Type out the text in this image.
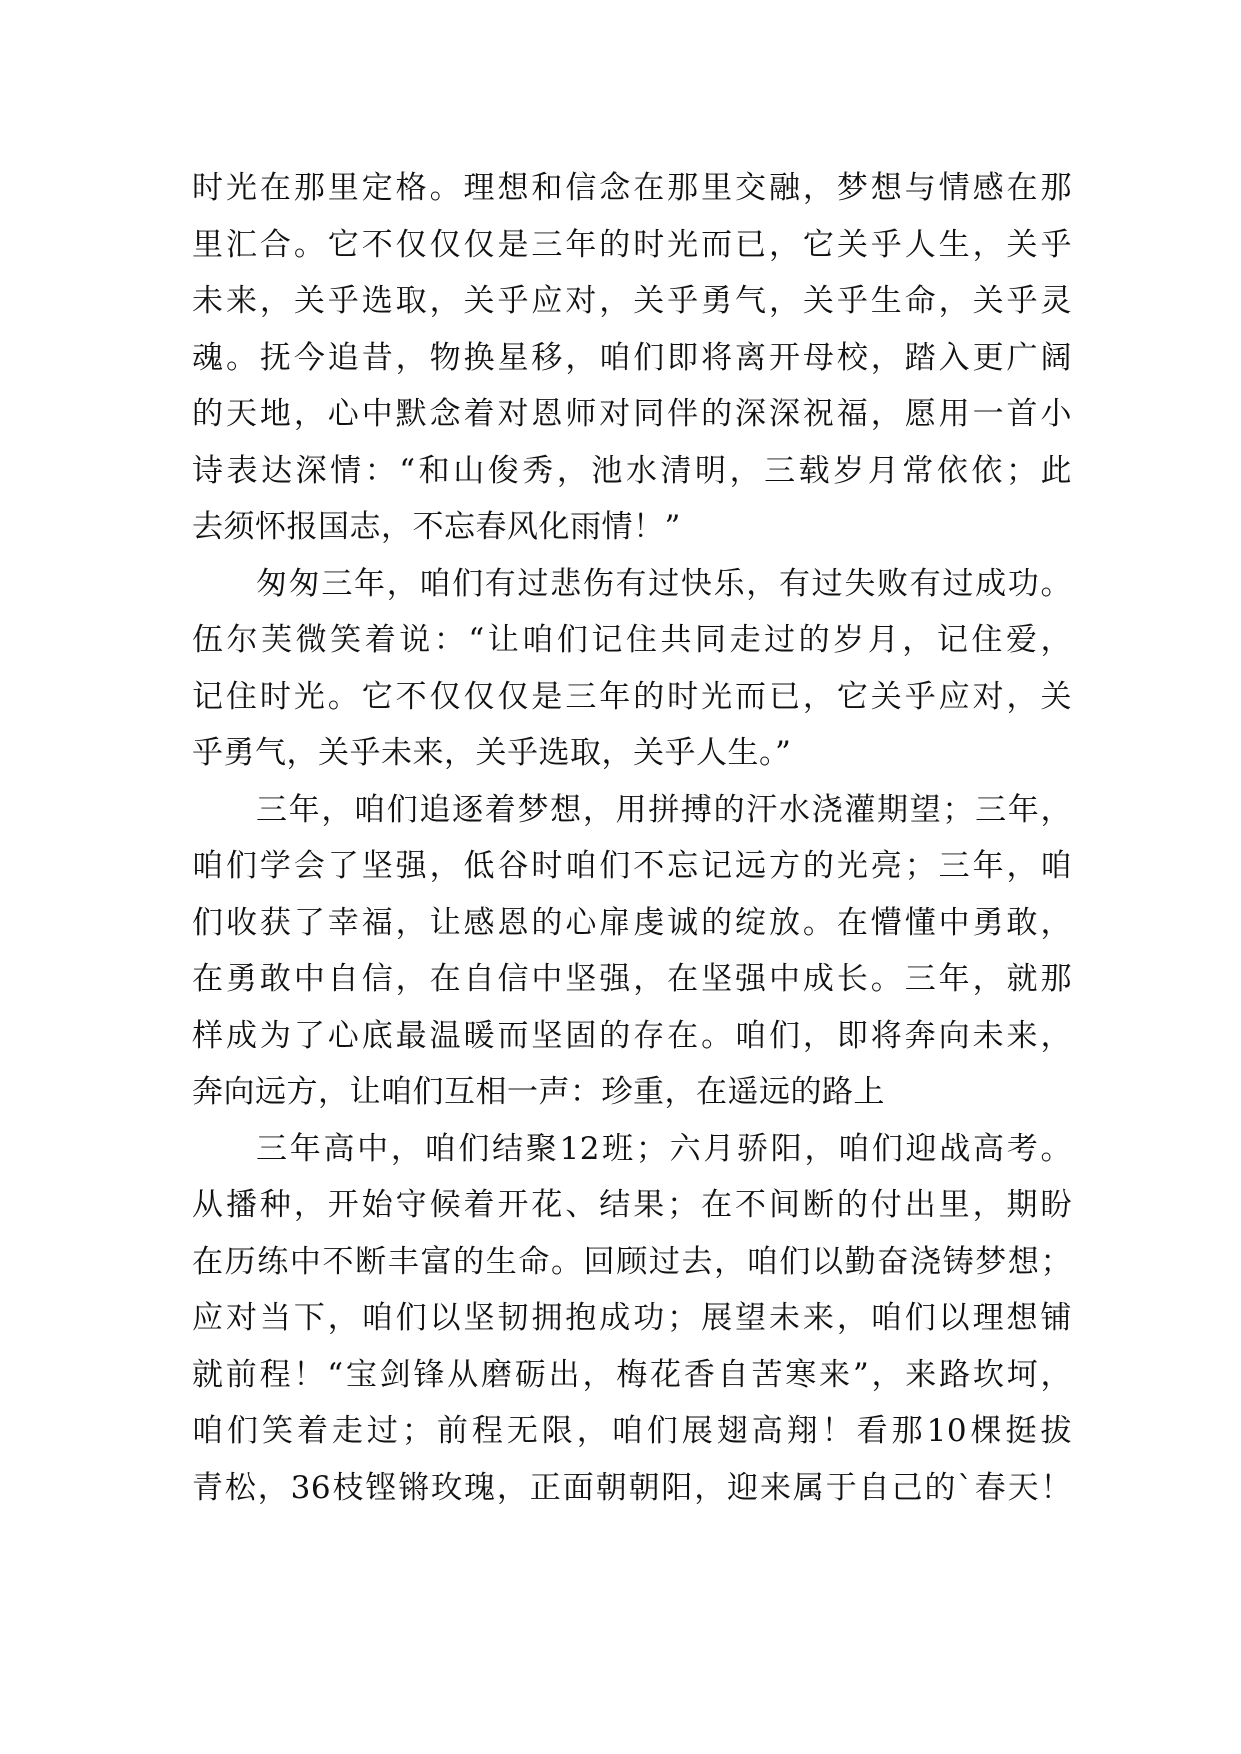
时光在那里定格。理想和信念在那里交融，梦想与情感在那
里汇合。它不仅仅仅是三年的时光而已，它关乎人生，关乎
未来，关乎选取，关乎应对，关乎勇气，关乎生命，关乎灵
魂。抚今追昔，物换星移，咱们即将离开母校，踏入更广阔
的天地，心中默念着对恩师对同伴的深深祝福，愿用一首小
诗表达深情：“和山俊秀，池水清明，三载岁月常依依；此
去须怀报国志，不忘春风化雨情！”
匆匆三年，咱们有过悲伤有过快乐，有过失败有过成功。
伍尔芙微笑着说：“让咱们记住共同走过的岁月，记住爱，
记住时光。它不仅仅仅是三年的时光而已，它关乎应对，关
乎勇气，关乎未来，关乎选取，关乎人生。”
三年，咱们追逐着梦想，用拼搏的汗水浇灌期望；三年，
咱们学会了坚强，低谷时咱们不忘记远方的光亮；三年，咱
们收获了幸福，让感恩的心扉虔诚的绽放。在懵懂中勇敢，
在勇敢中自信，在自信中坚强，在坚强中成长。三年，就那
样成为了心底最温暖而坚固的存在。咱们，即将奔向未来，
奔向远方，让咱们互相一声：珍重，在遥远的路上
三年高中，咱们结聚12班；六月骄阳，咱们迎战高考。
从播种，开始守候着开花、结果；在不间断的付出里，期盼
在历练中不断丰富的生命。回顾过去，咱们以勤奋浇铸梦想；
应对当下，咱们以坚韧拥抱成功；展望未来，咱们以理想铺
就前程！“宝剑锋从磨砺出，梅花香自苦寒来”，来路坎坷，
咱们笑着走过；前程无限，咱们展翅高翔！看那10棵挺拔
青松，36枝铿锵玫瑰，正面朝朝阳，迎来属于自己的`春天！
